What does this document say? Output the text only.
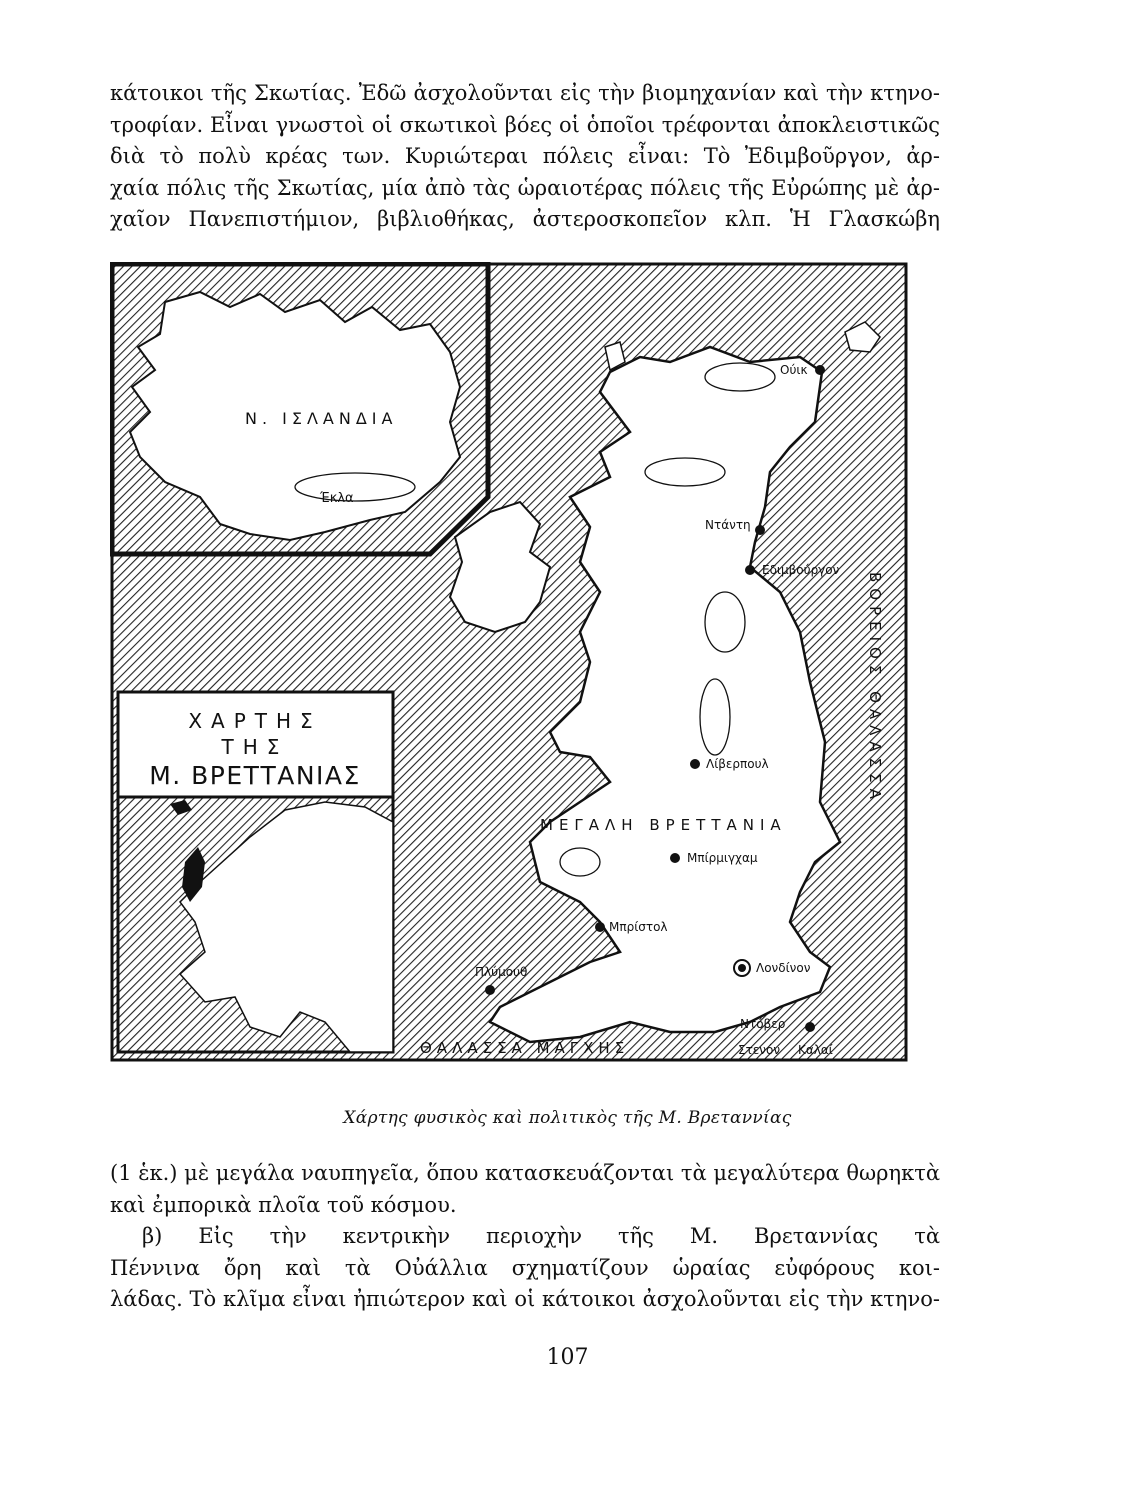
κάτοικοι τῆς Σκωτίας. Ἐδῶ ἀσχολοῦνται εἰς τὴν βιομηχανίαν καὶ τὴν κτηνο-
τροφίαν. Εἶναι γνωστοὶ οἱ σκωτικοὶ βόες οἱ ὁποῖοι τρέφονται ἀποκλειστικῶς
διὰ τὸ πολὺ κρέας των. Κυριώτεραι πόλεις εἶναι: Τὸ Ἐδιμβοῦργον, ἀρ-
χαία πόλις τῆς Σκωτίας, μία ἀπὸ τὰς ὡραιοτέρας πόλεις τῆς Εὐρώπης μὲ ἀρ-
χαῖον Πανεπιστήμιον, βιβλιοθήκας, ἀστεροσκοπεῖον κλπ. Ἡ Γλασκώβη
Ν. ΙΣΛΑΝΔΙΑ
Έκλα
ΧΑΡΤΗΣ
ΤΗΣ
Μ. ΒΡΕΤΤΑΝΙΑΣ
ΜΕΓΑΛΗ ΒΡΕΤΤΑΝΙΑ
ΒΟΡΕΙΟΣ ΘΑΛΑΣΣΑ
ΘΑΛΑΣΣΑ ΜΑΓΧΗΣ	Στενόν Καλαί
Ούικ
Ντάντη
Εδιμβούργον
Λίβερπουλ
Μπίρμιγχαμ
Μπρίστολ
Λονδίνον
Πλύμουθ
Ντόβερ
Χάρτης φυσικὸς καὶ πολιτικὸς τῆς Μ. Βρεταννίας
(1 ἑκ.) μὲ μεγάλα ναυπηγεῖα, ὅπου κατασκευάζονται τὰ μεγαλύτερα θωρηκτὰ
καὶ ἐμπορικὰ πλοῖα τοῦ κόσμου.
β) Εἰς τὴν κεντρικὴν περιοχὴν τῆς Μ. Βρεταννίας τὰ
Πέννινα ὄρη καὶ τὰ Οὐάλλια σχηματίζουν ὡραίας εὐφόρους κοι-
λάδας. Τὸ κλῖμα εἶναι ἠπιώτερον καὶ οἱ κάτοικοι ἀσχολοῦνται εἰς τὴν κτηνο-
107
